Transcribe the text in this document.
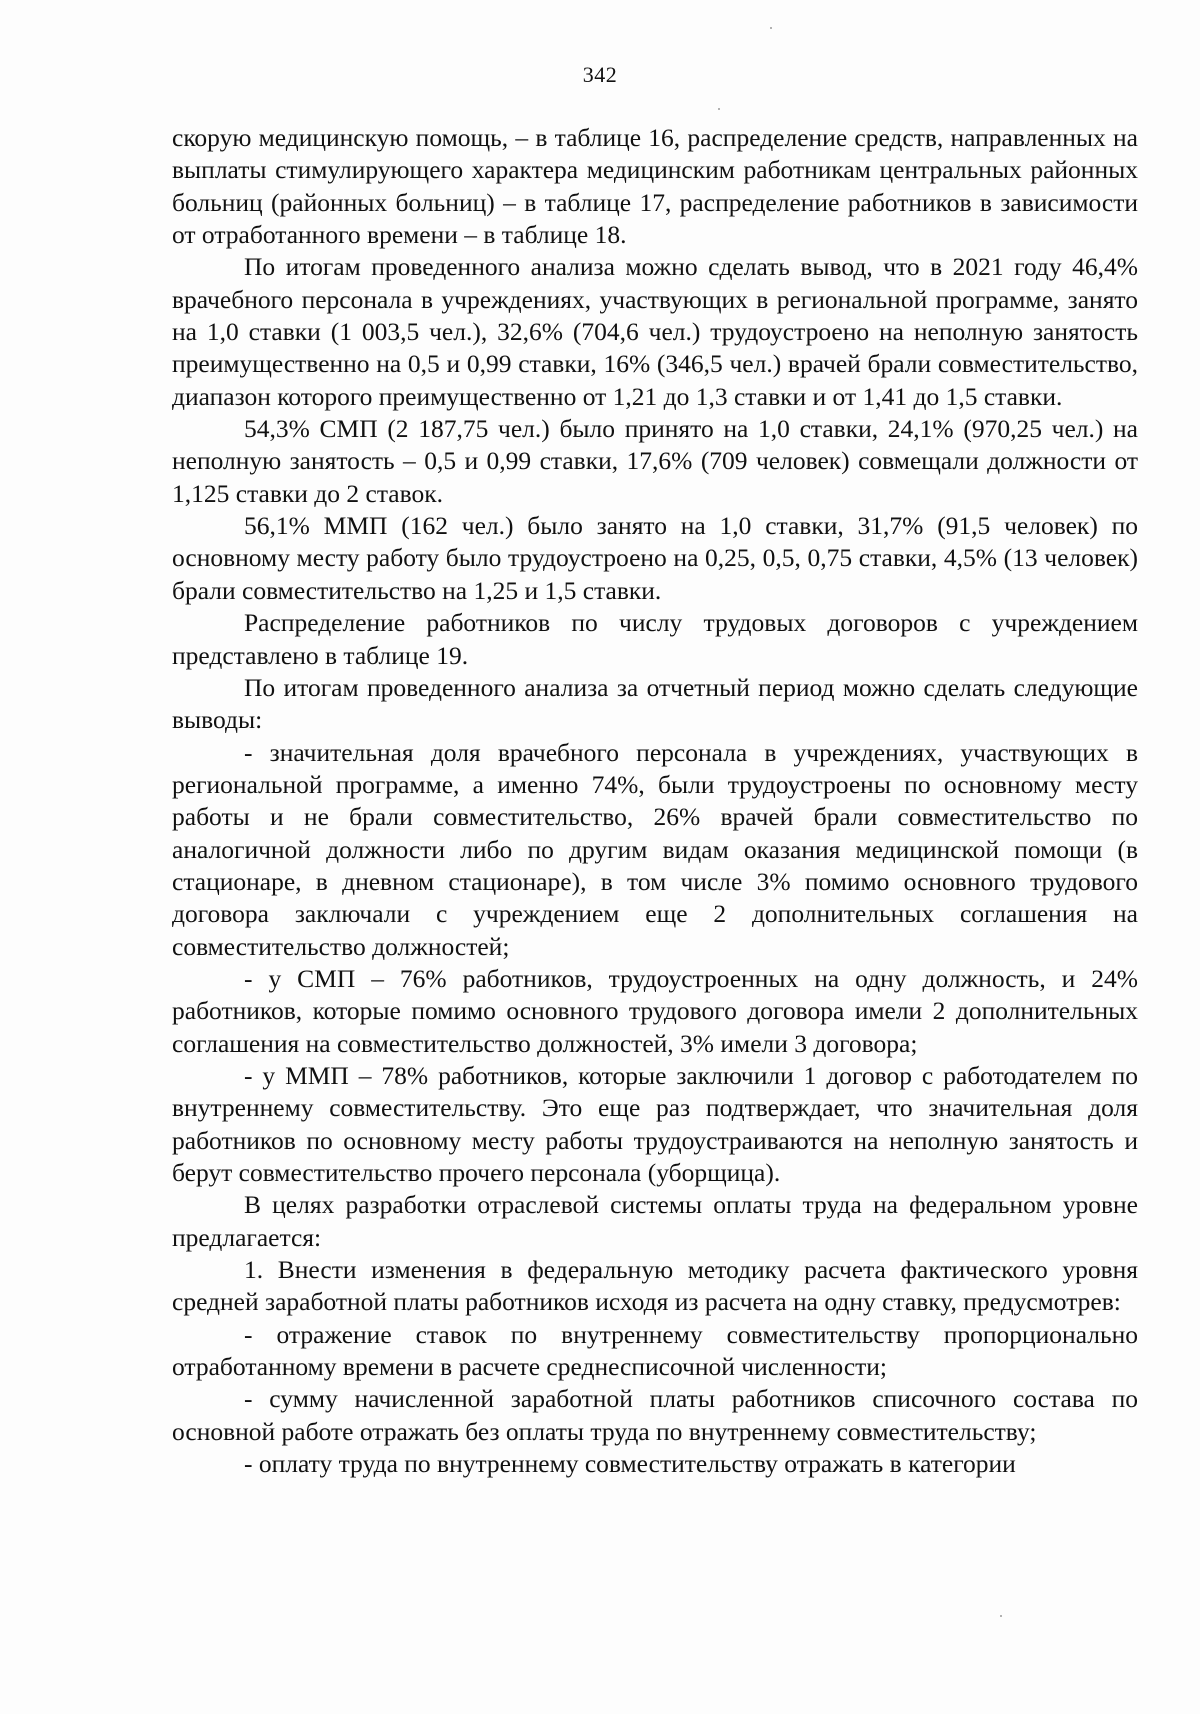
342

скорую медицинскую помощь, – в таблице 16, распределение средств, направленных на выплаты стимулирующего характера медицинским работникам центральных районных больниц (районных больниц) – в таблице 17, распределение работников в зависимости от отработанного времени – в таблице 18.

По итогам проведенного анализа можно сделать вывод, что в 2021 году 46,4% врачебного персонала в учреждениях, участвующих в региональной программе, занято на 1,0 ставки (1 003,5 чел.), 32,6% (704,6 чел.) трудоустроено на неполную занятость преимущественно на 0,5 и 0,99 ставки, 16% (346,5 чел.) врачей брали совместительство, диапазон которого преимущественно от 1,21 до 1,3 ставки и от 1,41 до 1,5 ставки.

54,3% СМП (2 187,75 чел.) было принято на 1,0 ставки, 24,1% (970,25 чел.) на неполную занятость – 0,5 и 0,99 ставки, 17,6% (709 человек) совмещали должности от 1,125 ставки до 2 ставок.

56,1% ММП (162 чел.) было занято на 1,0 ставки, 31,7% (91,5 человек) по основному месту работу было трудоустроено на 0,25, 0,5, 0,75 ставки, 4,5% (13 человек) брали совместительство на 1,25 и 1,5 ставки.

Распределение работников по числу трудовых договоров с учреждением представлено в таблице 19.

По итогам проведенного анализа за отчетный период можно сделать следующие выводы:

- значительная доля врачебного персонала в учреждениях, участвующих в региональной программе, а именно 74%, были трудоустроены по основному месту работы и не брали совместительство, 26% врачей брали совместительство по аналогичной должности либо по другим видам оказания медицинской помощи (в стационаре, в дневном стационаре), в том числе 3% помимо основного трудового договора заключали с учреждением еще 2 дополнительных соглашения на совместительство должностей;

- у СМП – 76% работников, трудоустроенных на одну должность, и 24% работников, которые помимо основного трудового договора имели 2 дополнительных соглашения на совместительство должностей, 3% имели 3 договора;

- у ММП – 78% работников, которые заключили 1 договор с работодателем по внутреннему совместительству. Это еще раз подтверждает, что значительная доля работников по основному месту работы трудоустраиваются на неполную занятость и берут совместительство прочего персонала (уборщица).

В целях разработки отраслевой системы оплаты труда на федеральном уровне предлагается:

1. Внести изменения в федеральную методику расчета фактического уровня средней заработной платы работников исходя из расчета на одну ставку, предусмотрев:

- отражение ставок по внутреннему совместительству пропорционально отработанному времени в расчете среднесписочной численности;

- сумму начисленной заработной платы работников списочного состава по основной работе отражать без оплаты труда по внутреннему совместительству;

- оплату труда по внутреннему совместительству отражать в категории
